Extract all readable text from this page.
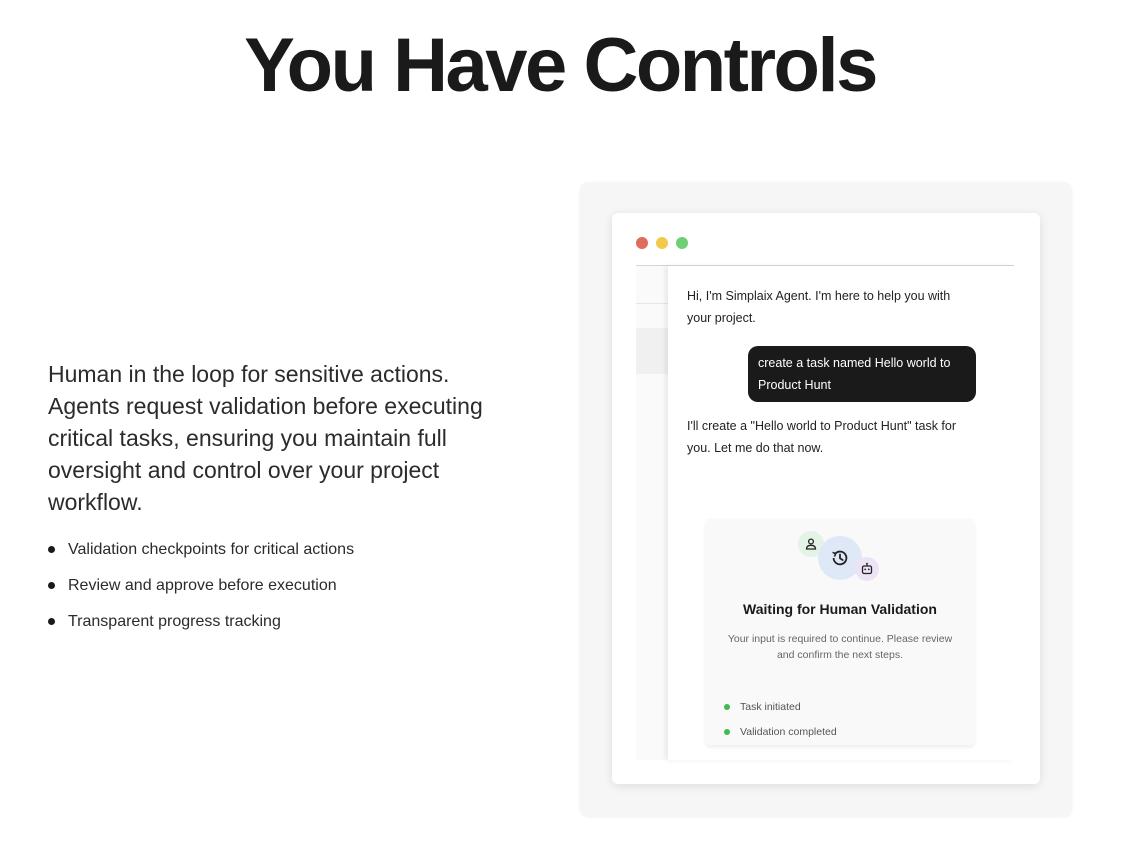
You Have Controls

Human in the loop for sensitive actions. Agents request validation before executing critical tasks, ensuring you maintain full oversight and control over your project workflow.

Validation checkpoints for critical actions
Review and approve before execution
Transparent progress tracking

Hi, I'm Simplaix Agent. I'm here to help you with your project.

create a task named Hello world to Product Hunt

I'll create a "Hello world to Product Hunt" task for you. Let me do that now.

Waiting for Human Validation

Your input is required to continue. Please review and confirm the next steps.

Task initiated
Validation completed
